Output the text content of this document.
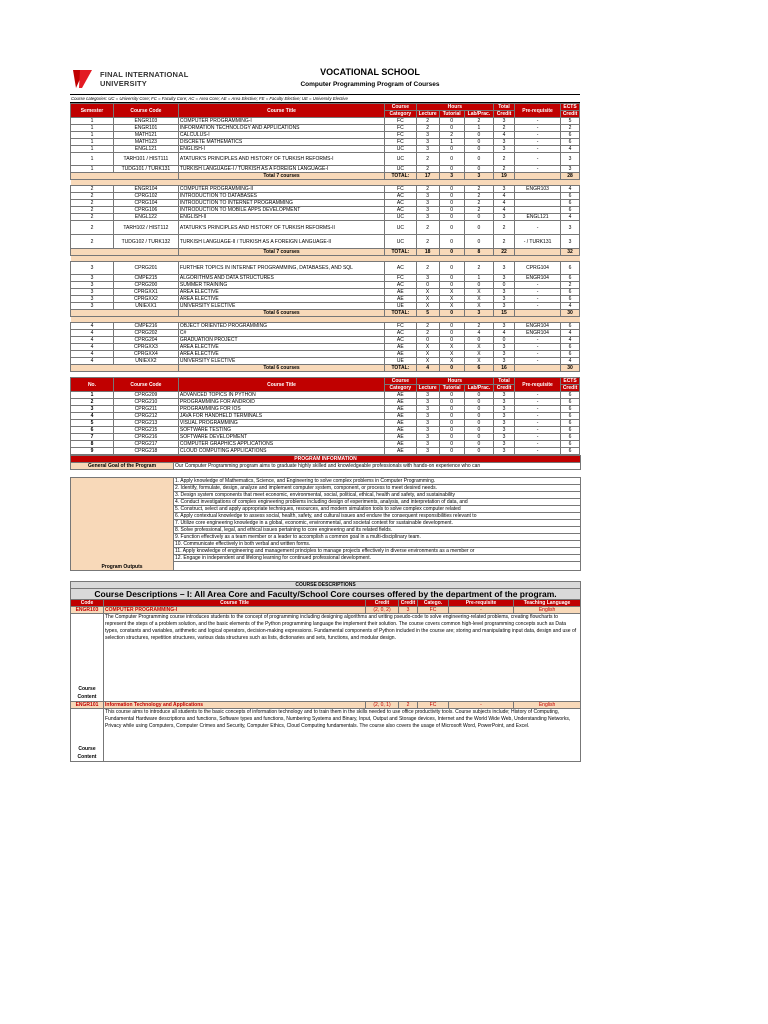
FINAL INTERNATIONAL
UNIVERSITY
VOCATIONAL SCHOOL
Computer Programming Program of Courses
Course categories: UC = University Core; FC = Faculty Core; AC = Area Core; AE = Area Elective; FE = Faculty Elective; UE = University Elective
Semester	Course Code	Course Title	Course	Hours			Total	Pre-requisite	ECTS
			Category	Lecture	Tutorial	Lab/Prac.	Credit		Credit
1	ENGR103	COMPUTER PROGRAMMING-I	FC	2	0	2	3	-	5
1	ENGR101	INFORMATION TECHNOLOGY AND APPLICATIONS	FC	2	0	1	2	-	2
1	MATH121	CALCULUS-I	FC	3	2	0	4	-	6
1	MATH123	DISCRETE MATHEMATICS	FC	3	1	0	3	-	6
1	ENGL121	ENGLISH-I	UC	3	0	0	3	-	4
1	TARH101 / HIST111	ATATURK'S PRINCIPLES AND HISTORY OF TURKISH REFORMS-I	UC	2	0	0	2	-	3
1	TUDG101 / TURK131	TURKISH LANGUAGE-I / TURKISH AS A FOREIGN LANGUAGE-I	UC	2	0	0	2	-	3
		Total 7 courses	TOTAL:	17	3	3	19		28

2	ENGR104	COMPUTER PROGRAMMING-II	FC	2	0	2	3	ENGR103	4
2	CPRG102	INTRODUCTION TO DATABASES	AC	3	0	2	4		6
2	CPRG104	INTRODUCTION TO INTERNET PROGRAMMING	AC	3	0	2	4		6
2	CPRG106	INTRODUCTION TO MOBILE APPS DEVELOPMENT	AC	3	0	2	4		6
2	ENGL122	ENGLISH-II	UC	3	0	0	3	ENGL121	4
2	TARH102 / HIST112	ATATURK'S PRINCIPLES AND HISTORY OF TURKISH REFORMS-II	UC	2	0	0	2	-	3
2	TUDG102 / TURK132	TURKISH LANGUAGE-II / TURKISH AS A FOREIGN LANGUAGE-II	UC	2	0	0	2	- / TURK131	3
		Total 7 courses	TOTAL:	18	0	8	22		32

3	CPRG201	FURTHER TOPICS IN INTERNET PROGRAMMING, DATABASES, AND SQL	AC	2	0	2	3	CPRG104	6
3	CMPE215	ALGORITHMS AND DATA STRUCTURES	FC	3	0	1	3	ENGR104	6
3	CPRG200	SUMMER TRAINING	AC	0	0	0	0	-	2
3	CPRGXX1	AREA ELECTIVE	AE	X	X	X	3	-	6
3	CPRGXX2	AREA ELECTIVE	AE	X	X	X	3	-	6
3	UNIEXX1	UNIVERSITY ELECTIVE	UE	X	X	X	3	-	4
		Total 6 courses	TOTAL:	5	0	3	15		30

4	CMPE216	OBJECT ORIENTED PROGRAMMING	FC	2	0	2	3	ENGR104	6
4	CPRG202	C#	AC	2	0	4	4	ENGR104	4
4	CPRG204	GRADUATION PROJECT	AC	0	0	0	0	-	4
4	CPRGXX3	AREA ELECTIVE	AE	X	X	X	3	-	6
4	CPRGXX4	AREA ELECTIVE	AE	X	X	X	3	-	6
4	UNIEXX2	UNIVERSITY ELECTIVE	UE	X	X	X	3	-	4
		Total 6 courses	TOTAL:	4	0	6	16		30
No.	Course Code	Course Title	Course	Hours			Total	Pre-requisite	ECTS
			Category	Lecture	Tutorial	Lab/Prac.	Credit		Credit
1	CPRG209	ADVANCED TOPICS IN PYTHON	AE	3	0	0	3	-	6
2	CPRG210	PROGRAMMING FOR ANDROID	AE	3	0	0	3	-	6
3	CPRG211	PROGRAMMING FOR IOS	AE	3	0	0	3	-	6
4	CPRG212	JAVA FOR HANDHELD TERMINALS	AE	3	0	0	3	-	6
5	CPRG213	VISUAL PROGRAMMING	AE	3	0	0	3	-	6
6	CPRG215	SOFTWARE TESTING	AE	3	0	0	3	-	6
7	CPRG216	SOFTWARE DEVELOPMENT	AE	3	0	0	3	-	6
8	CPRG217	COMPUTER GRAPHICS APPLICATIONS	AE	3	0	0	3	-	6
9	CPRG218	CLOUD COMPUTING APPLICATIONS	AE	3	0	0	3	-	6
PROGRAM INFORMATION	
General Goal of the Program	Our Computer Programming program aims to graduate highly skilled and knowledgeable professionals with hands-on experience who can

Program Outputs	1. Apply knowledge of Mathematics, Science, and Engineering to solve complex problems in Computer Programming.
	2. Identify, formulate, design, analyze and implement computer system, component, or process to meet desired needs.
	3. Design system components that meet economic, environmental, social, political, ethical, health and safety, and sustainability
	4. Conduct investigations of complex engineering problems including design of experiments, analysis, and interpretation of data, and
	5. Construct, select and apply appropriate techniques, resources, and modern simulation tools to solve complex computer related
	6. Apply contextual knowledge to assess social, health, safety, and cultural issues and endure the consequent responsibilities relevant to
	7. Utilize core engineering knowledge in a global, economic, environmental, and societal context for sustainable development.
	8. Solve professional, legal, and ethical issues pertaining to core engineering and its related fields.
	9. Function effectively as a team member or a leader to accomplish a common goal in a multi-disciplinary team.
	10. Communicate effectively in both verbal and written forms.
	11. Apply knowledge of engineering and management principles to manage projects effectively in diverse environments as a member or
	12. Engage in independent and lifelong learning for continued professional development.

COURSE DESCRIPTIONS						
Course Descriptions – I: All Area Core and Faculty/School Core courses offered by the department of the program.						
Code	Course Title	Credit	Credit	Catego.	Pre-requisite	Teaching Language
ENGR103	COMPUTER PROGRAMMING-I	(2, 0, 2)	3	FC	-	English

Course
Content	The Computer Programming course introduces students to the concept of programming including designing algorithms and writing pseudo-code to solve engineering-related problems, creating flowcharts to represent the steps of a problem solution, and the basic elements of the Python programming language the implement their solution. The course covers common high-level programming concepts such as Data types, constants and variables, arithmetic and logical operators, decision-making expressions. Fundamental components of Python included in the course are; storing and manipulating input data, design and use of selection structures, repetition structures, various data structures such as lists, dictionaries and sets, functions, and modular design.					
ENGR101	Information Technology and Applications	(2, 0, 1)	2	FC	-	English

Course
Content	This course aims to introduce all students to the basic concepts of information technology and to train them in the skills needed to use office productivity tools. Course subjects include; History of Computing, Fundamental Hardware descriptions and functions, Software types and functions, Numbering Systems and Binary, Input, Output and Storage devices, Internet and the World Wide Web, Understanding Networks, Privacy while using Computers, Computer Crimes and Security, Computer Ethics, Cloud Computing fundamentals. The course also covers the usage of Microsoft Word, PowerPoint, and Excel.					
